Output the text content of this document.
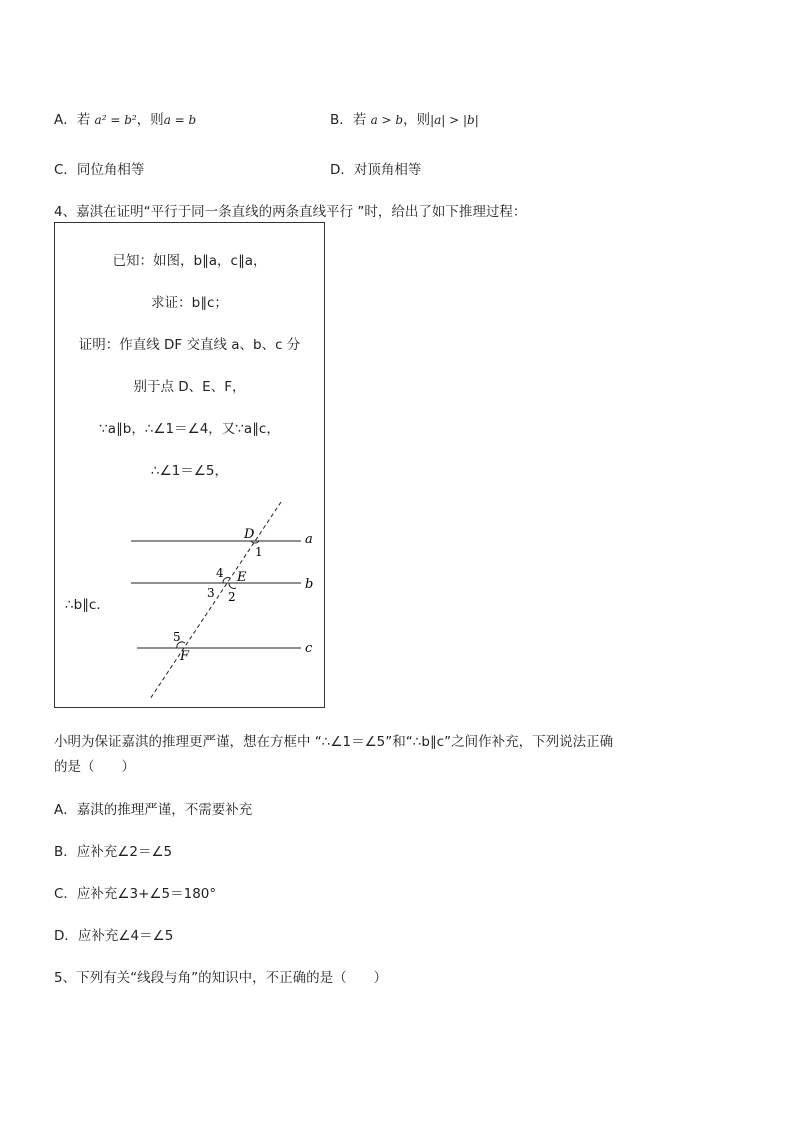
A．若 a² = b²，则a = b	B．若 a > b，则|a| > |b|
C．同位角相等	D．对顶角相等
4、嘉淇在证明“平行于同一条直线的两条直线平行 ”时，给出了如下推理过程：
已知：如图，b∥a，c∥a，
求证：b∥c；
证明：作直线 DF 交直线 a、b、c 分
别于点 D、E、F，
∵a∥b，∴∠1＝∠4，又∵a∥c，
∴∠1＝∠5，
∴b∥c．
a
b
c
D
E
F
1
2
3
4
5
小明为保证嘉淇的推理更严谨，想在方框中 “∴∠1＝∠5”和“∴b∥c”之间作补充，下列说法正确
的是（　　）
A．嘉淇的推理严谨，不需要补充
B．应补充∠2＝∠5
C．应补充∠3+∠5＝180°
D．应补充∠4＝∠5
5、下列有关“线段与角”的知识中，不正确的是（　　）
